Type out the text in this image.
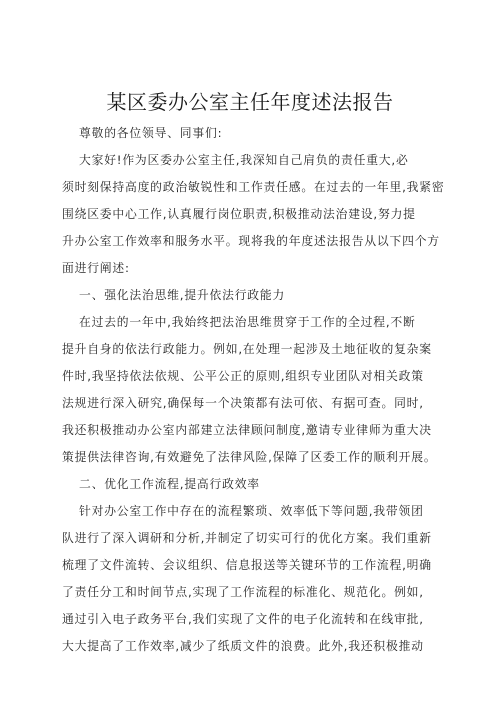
某区委办公室主任年度述法报告
尊敬的各位领导、同事们:
大家好!作为区委办公室主任,我深知自己肩负的责任重大,必
须时刻保持高度的政治敏锐性和工作责任感。在过去的一年里,我紧密
围绕区委中心工作,认真履行岗位职责,积极推动法治建设,努力提
升办公室工作效率和服务水平。现将我的年度述法报告从以下四个方
面进行阐述:
一、强化法治思维,提升依法行政能力
在过去的一年中,我始终把法治思维贯穿于工作的全过程,不断
提升自身的依法行政能力。例如,在处理一起涉及土地征收的复杂案
件时,我坚持依法依规、公平公正的原则,组织专业团队对相关政策
法规进行深入研究,确保每一个决策都有法可依、有据可查。同时,
我还积极推动办公室内部建立法律顾问制度,邀请专业律师为重大决
策提供法律咨询,有效避免了法律风险,保障了区委工作的顺利开展。
二、优化工作流程,提高行政效率
针对办公室工作中存在的流程繁琐、效率低下等问题,我带领团
队进行了深入调研和分析,并制定了切实可行的优化方案。我们重新
梳理了文件流转、会议组织、信息报送等关键环节的工作流程,明确
了责任分工和时间节点,实现了工作流程的标准化、规范化。例如,
通过引入电子政务平台,我们实现了文件的电子化流转和在线审批,
大大提高了工作效率,减少了纸质文件的浪费。此外,我还积极推动
